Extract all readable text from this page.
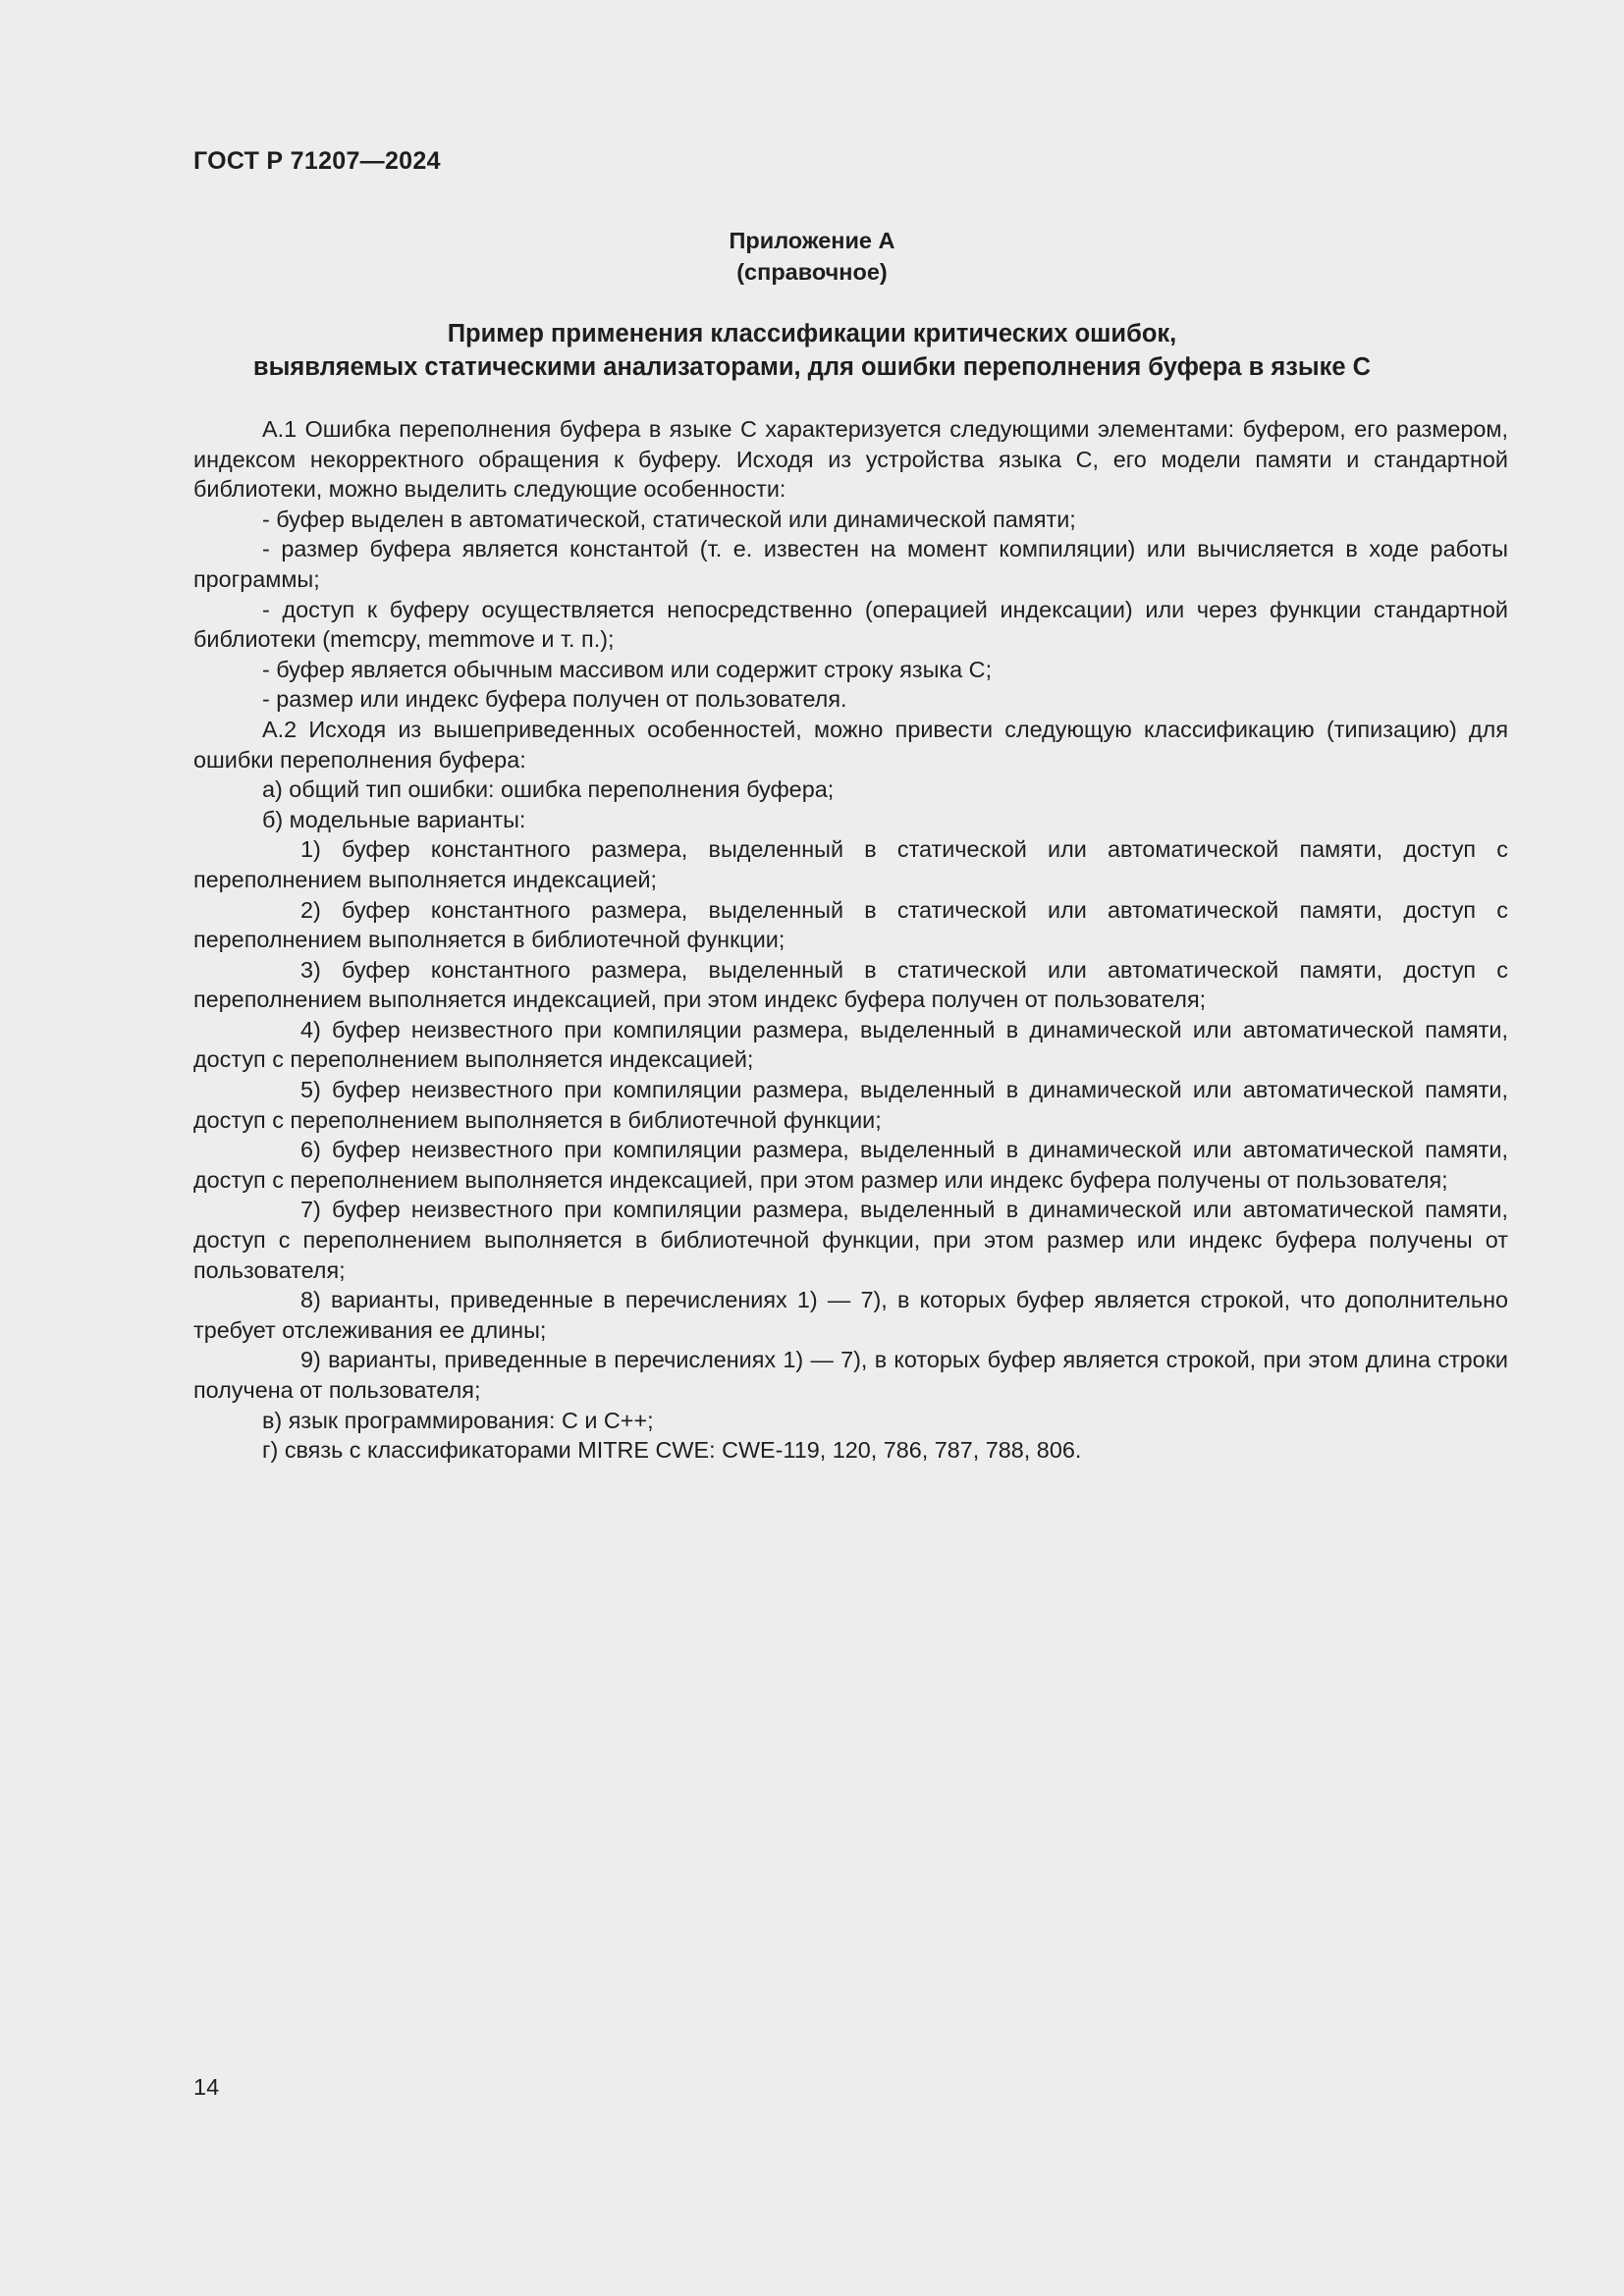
ГОСТ Р 71207—2024
Приложение А
(справочное)
Пример применения классификации критических ошибок,
выявляемых статическими анализаторами, для ошибки переполнения буфера в языке С

А.1 Ошибка переполнения буфера в языке С характеризуется следующими элементами: буфером, его размером, индексом некорректного обращения к буферу. Исходя из устройства языка С, его модели памяти и стандартной библиотеки, можно выделить следующие особенности:

- буфер выделен в автоматической, статической или динамической памяти;

- размер буфера является константой (т. е. известен на момент компиляции) или вычисляется в ходе работы программы;

- доступ к буферу осуществляется непосредственно (операцией индексации) или через функции стандартной библиотеки (memcpy, memmove и т. п.);

- буфер является обычным массивом или содержит строку языка С;

- размер или индекс буфера получен от пользователя.

А.2 Исходя из вышеприведенных особенностей, можно привести следующую классификацию (типизацию) для ошибки переполнения буфера:

а) общий тип ошибки: ошибка переполнения буфера;

б) модельные варианты:

1) буфер константного размера, выделенный в статической или автоматической памяти, доступ с переполнением выполняется индексацией;

2) буфер константного размера, выделенный в статической или автоматической памяти, доступ с переполнением выполняется в библиотечной функции;

3) буфер константного размера, выделенный в статической или автоматической памяти, доступ с переполнением выполняется индексацией, при этом индекс буфера получен от пользователя;

4) буфер неизвестного при компиляции размера, выделенный в динамической или автоматической памяти, доступ с переполнением выполняется индексацией;

5) буфер неизвестного при компиляции размера, выделенный в динамической или автоматической памяти, доступ с переполнением выполняется в библиотечной функции;

6) буфер неизвестного при компиляции размера, выделенный в динамической или автоматической памяти, доступ с переполнением выполняется индексацией, при этом размер или индекс буфера получены от пользователя;

7) буфер неизвестного при компиляции размера, выделенный в динамической или автоматической памяти, доступ с переполнением выполняется в библиотечной функции, при этом размер или индекс буфера получены от пользователя;

8) варианты, приведенные в перечислениях 1) — 7), в которых буфер является строкой, что дополнительно требует отслеживания ее длины;

9) варианты, приведенные в перечислениях 1) — 7), в которых буфер является строкой, при этом длина строки получена от пользователя;

в) язык программирования: С и С++;

г) связь с классификаторами MITRE CWE: CWE-119, 120, 786, 787, 788, 806.

14
